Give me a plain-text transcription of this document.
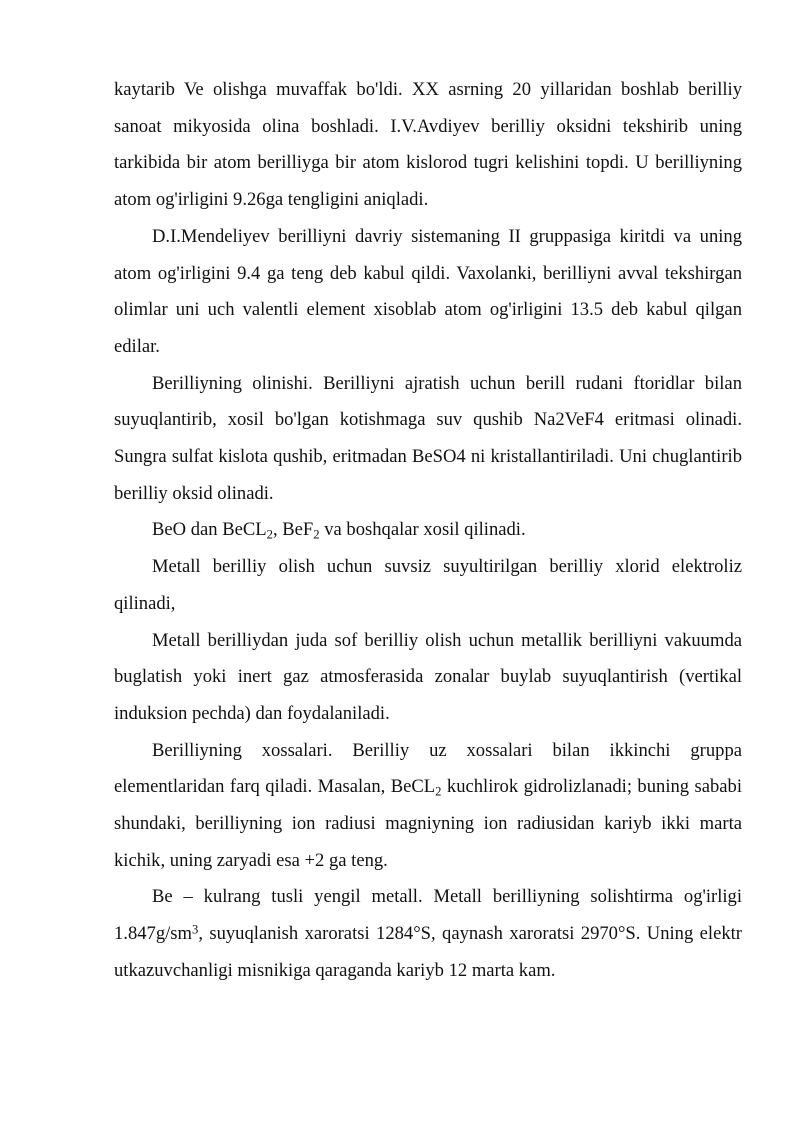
kaytarib Ve olishga muvaffak bo'ldi. XX asrning 20 yillaridan boshlab berilliy sanoat mikyosida olina boshladi. I.V.Avdiyev berilliy oksidni tekshirib uning tarkibida bir atom berilliyga bir atom kislorod tugri kelishini topdi. U berilliyning atom og'irligini 9.26ga tengligini aniqladi.

D.I.Mendeliyev berilliyni davriy sistemaning II gruppasiga kiritdi va uning atom og'irligini 9.4 ga teng deb kabul qildi. Vaxolanki, berilliyni avval tekshirgan olimlar uni uch valentli element xisoblab atom og'irligini 13.5 deb kabul qilgan edilar.

Berilliyning olinishi. Berilliyni ajratish uchun berill rudani ftoridlar bilan suyuqlantirib, xosil bo'lgan kotishmaga suv qushib Na2VeF4 eritmasi olinadi. Sungra sulfat kislota qushib, eritmadan BeSO4 ni kristallantiriladi. Uni chuglantirib berilliy oksid olinadi.

BeO dan BeCL2, BeF2 va boshqalar xosil qilinadi.

Metall berilliy olish uchun suvsiz suyultirilgan berilliy xlorid elektroliz qilinadi,

Metall berilliydan juda sof berilliy olish uchun metallik berilliyni vakuumda buglatish yoki inert gaz atmosferasida zonalar buylab suyuqlantirish (vertikal induksion pechda) dan foydalaniladi.

Berilliyning xossalari. Berilliy uz xossalari bilan ikkinchi gruppa elementlaridan farq qiladi. Masalan, BeCL2 kuchlirok gidrolizlanadi; buning sababi shundaki, berilliyning ion radiusi magniyning ion radiusidan kariyb ikki marta kichik, uning zaryadi esa +2 ga teng.

Be – kulrang tusli yengil metall. Metall berilliyning solishtirma og'irligi $1.847g/sm^3$, suyuqlanish xaroratsi 1284°S, qaynash xaroratsi 2970°S. Uning elektr utkazuvchanligi misnikiga qaraganda kariyb 12 marta kam.
